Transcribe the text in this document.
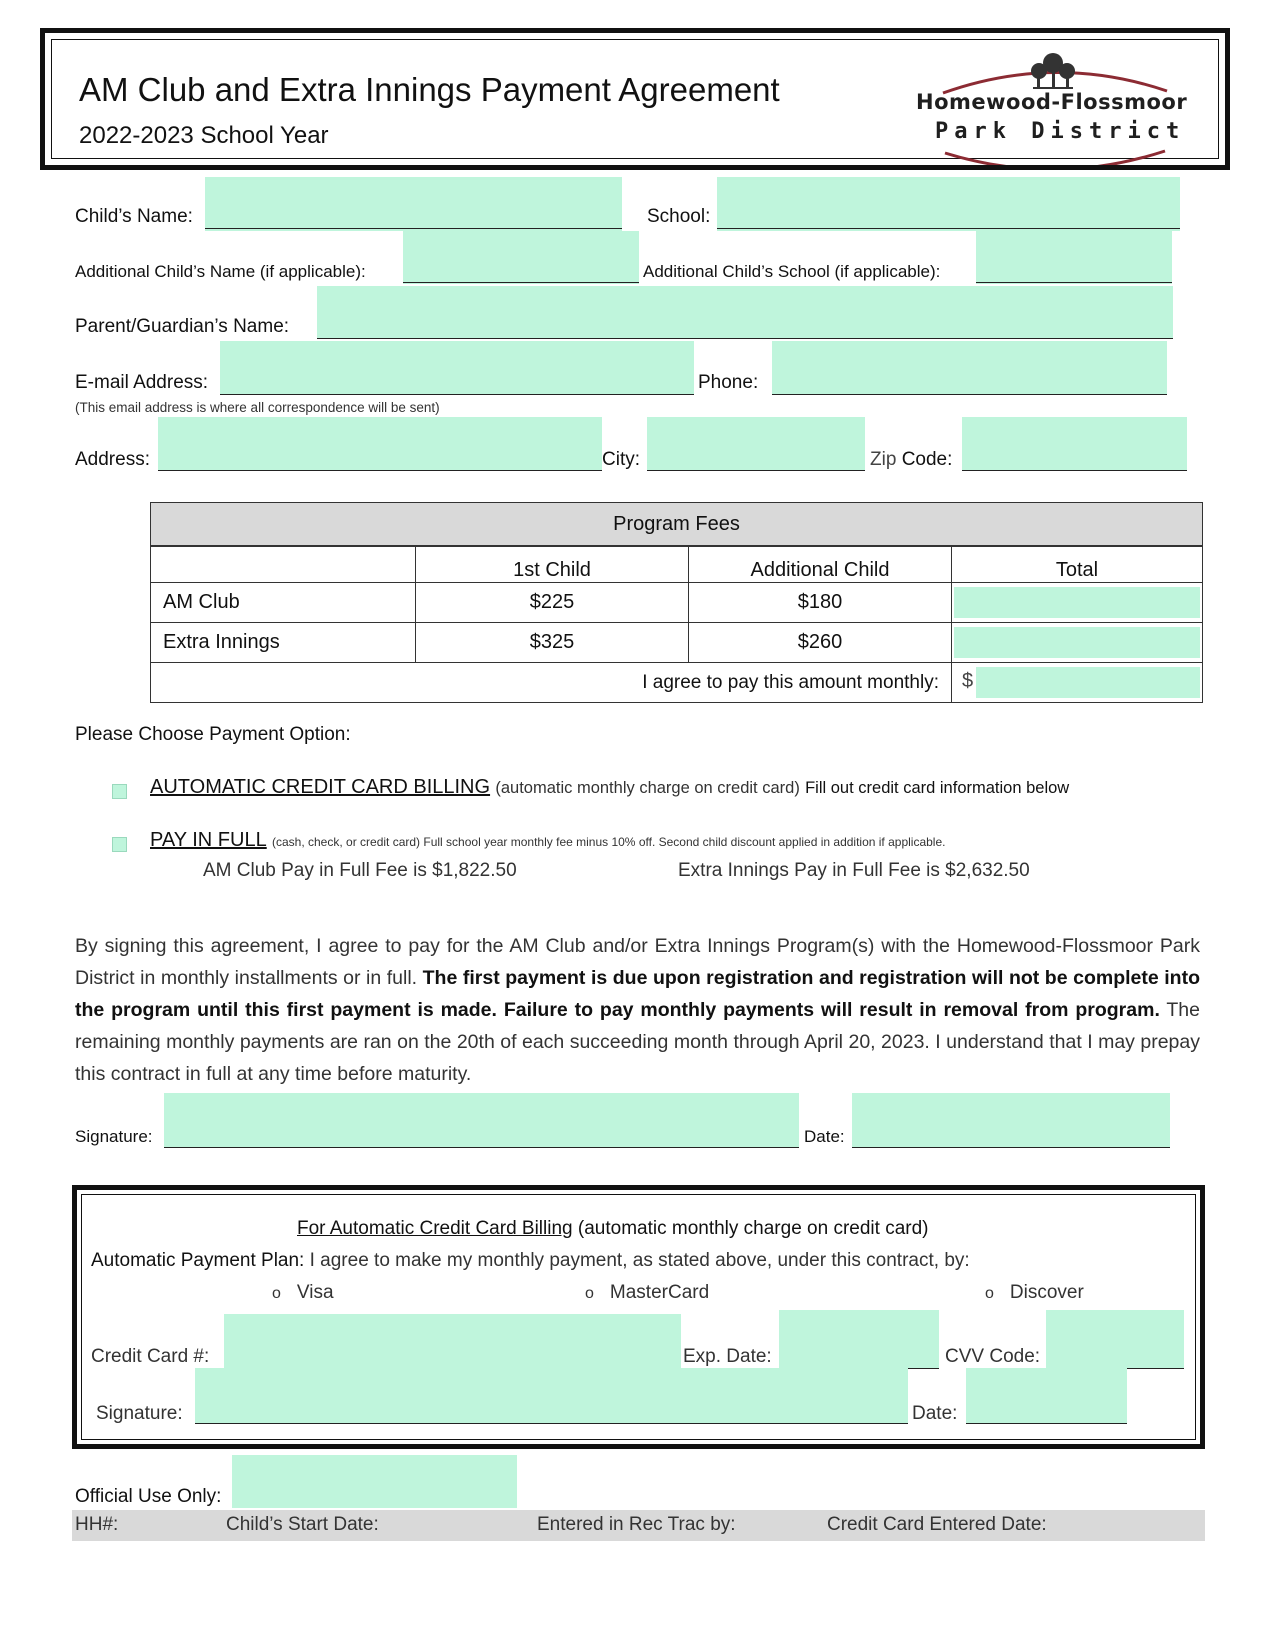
AM Club and Extra Innings Payment Agreement
2022-2023 School Year
Homewood-Flossmoor
Park District
Child’s Name:	School:
Additional Child’s Name (if applicable):	Additional Child’s School (if applicable):
Parent/Guardian’s Name:
E-mail Address:
(This email address is where all correspondence will be sent)
Phone:
Address:	City:	Zip Code:
Program Fees			
	1st Child	Additional Child	Total
AM Club	$225	$180	

Extra Innings	$325	$260	

I agree to pay this amount monthly:			$
Please Choose Payment Option:
AUTOMATIC CREDIT CARD BILLING (automatic monthly charge on credit card) Fill out credit card information below
PAY IN FULL (cash, check, or credit card) Full school year monthly fee minus 10% off. Second child discount applied in addition if applicable.
AM Club Pay in Full Fee is $1,822.50	Extra Innings Pay in Full Fee is $2,632.50
By signing this agreement, I agree to pay for the AM Club and/or Extra Innings Program(s) with the Homewood-Flossmoor Park District in monthly installments or in full. The first payment is due upon registration and registration will not be complete into the program until this first payment is made. Failure to pay monthly payments will result in removal from program. The remaining monthly payments are ran on the 20th of each succeeding month through April 20, 2023. I understand that I may prepay this contract in full at any time before maturity.
Signature:	Date:
For Automatic Credit Card Billing (automatic monthly charge on credit card)
Automatic Payment Plan: I agree to make my monthly payment, as stated above, under this contract, by:
o Visa	o MasterCard	o Discover
Credit Card #:	Exp. Date:	CVV Code:
Signature:	Date:
Official Use Only:
HH#:	Child’s Start Date:	Entered in Rec Trac by:	Credit Card Entered Date:
